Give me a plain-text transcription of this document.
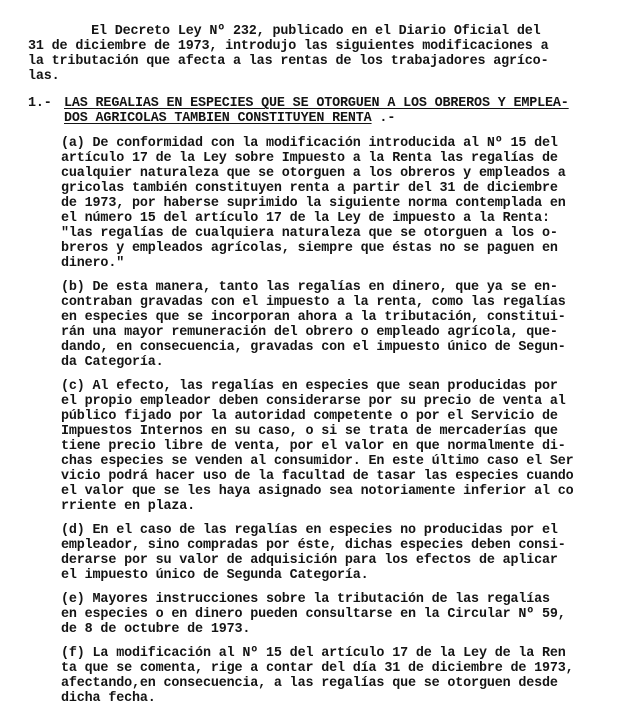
El Decreto Ley Nº 232, publicado en el Diario Oficial del
31 de diciembre de 1973, introdujo las siguientes modificaciones a
la tributación que afecta a las rentas de los trabajadores agríco-
las.
1.- LAS REGALIAS EN ESPECIES QUE SE OTORGUEN A LOS OBREROS Y EMPLEA-
DOS AGRICOLAS TAMBIEN CONSTITUYEN RENTA .-
(a) De conformidad con la modificación introducida al Nº 15 del
artículo 17 de la Ley sobre Impuesto a la Renta las regalías de
cualquier naturaleza que se otorguen a los obreros y empleados a
gricolas también constituyen renta a partir del 31 de diciembre
de 1973, por haberse suprimido la siguiente norma contemplada en
el número 15 del artículo 17 de la Ley de impuesto a la Renta:
"las regalías de cualquiera naturaleza que se otorguen a los o-
breros y empleados agrícolas, siempre que éstas no se paguen en
dinero."
(b) De esta manera, tanto las regalías en dinero, que ya se en-
contraban gravadas con el impuesto a la renta, como las regalías
en especies que se incorporan ahora a la tributación, constitui-
rán una mayor remuneración del obrero o empleado agrícola, que-
dando, en consecuencia, gravadas con el impuesto único de Segun-
da Categoría.
(c) Al efecto, las regalías en especies que sean producidas por
el propio empleador deben considerarse por su precio de venta al
público fijado por la autoridad competente o por el Servicio de
Impuestos Internos en su caso, o si se trata de mercaderías que
tiene precio libre de venta, por el valor en que normalmente di-
chas especies se venden al consumidor. En este último caso el Ser
vicio podrá hacer uso de la facultad de tasar las especies cuando
el valor que se les haya asignado sea notoriamente inferior al co
rriente en plaza.
(d) En el caso de las regalías en especies no producidas por el
empleador, sino compradas por éste, dichas especies deben consi-
derarse por su valor de adquisición para los efectos de aplicar
el impuesto único de Segunda Categoría.
(e) Mayores instrucciones sobre la tributación de las regalías
en especies o en dinero pueden consultarse en la Circular Nº 59,
de 8 de octubre de 1973.
(f) La modificación al Nº 15 del artículo 17 de la Ley de la Ren
ta que se comenta, rige a contar del día 31 de diciembre de 1973,
afectando,en consecuencia, a las regalías que se otorguen desde
dicha fecha.
